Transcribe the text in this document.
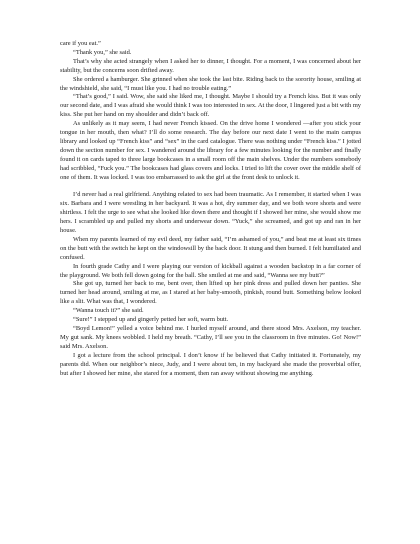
care if you eat.”

“Thank you,” she said.

That’s why she acted strangely when I asked her to dinner, I thought. For a moment, I was concerned about her stability, but the concerns soon drifted away.

She ordered a hamburger. She grinned when she took the last bite. Riding back to the sorority house, smiling at the windshield, she said, “I must like you. I had no trouble eating.”

“That’s good,” I said. Wow, she said she liked me, I thought. Maybe I should try a French kiss. But it was only our second date, and I was afraid she would think I was too interested in sex. At the door, I lingered just a bit with my kiss. She put her hand on my shoulder and didn’t back off.

As unlikely as it may seem, I had never French kissed. On the drive home I wondered —after you stick your tongue in her mouth, then what? I’ll do some research. The day before our next date I went to the main campus library and looked up “French kiss” and “sex” in the card catalogue. There was nothing under “French kiss.” I jotted down the section number for sex. I wandered around the library for a few minutes looking for the number and finally found it on cards taped to three large bookcases in a small room off the main shelves. Under the numbers somebody had scribbled, “Fuck you.” The bookcases had glass covers and locks. I tried to lift the cover over the middle shelf of one of them. It was locked. I was too embarrassed to ask the girl at the front desk to unlock it.

I’d never had a real girlfriend. Anything related to sex had been traumatic. As I remember, it started when I was six. Barbara and I were wrestling in her backyard. It was a hot, dry summer day, and we both wore shorts and were shirtless. I felt the urge to see what she looked like down there and thought if I showed her mine, she would show me hers. I scrambled up and pulled my shorts and underwear down. “Yuck,” she screamed, and got up and ran in her house.

When my parents learned of my evil deed, my father said, “I’m ashamed of you,” and beat me at least six times on the butt with the switch he kept on the windowsill by the back door. It stung and then burned. I felt humiliated and confused.

In fourth grade Cathy and I were playing our version of kickball against a wooden backstop in a far corner of the playground. We both fell down going for the ball. She smiled at me and said, “Wanna see my butt?”

She got up, turned her back to me, bent over, then lifted up her pink dress and pulled down her panties. She turned her head around, smiling at me, as I stared at her baby-smooth, pinkish, round butt. Something below looked like a slit. What was that, I wondered.

“Wanna touch it?” she said.

“Sure!” I stepped up and gingerly petted her soft, warm butt.

“Boyd Lemon!” yelled a voice behind me. I hurled myself around, and there stood Mrs. Axelson, my teacher. My gut sank. My knees wobbled. I held my breath. “Cathy, I’ll see you in the classroom in five minutes. Go! Now!” said Mrs. Axelson.

I got a lecture from the school principal. I don’t know if he believed that Cathy initiated it. Fortunately, my parents did. When our neighbor’s niece, Judy, and I were about ten, in my backyard she made the proverbial offer, but after I showed her mine, she stared for a moment, then ran away without showing me anything.
